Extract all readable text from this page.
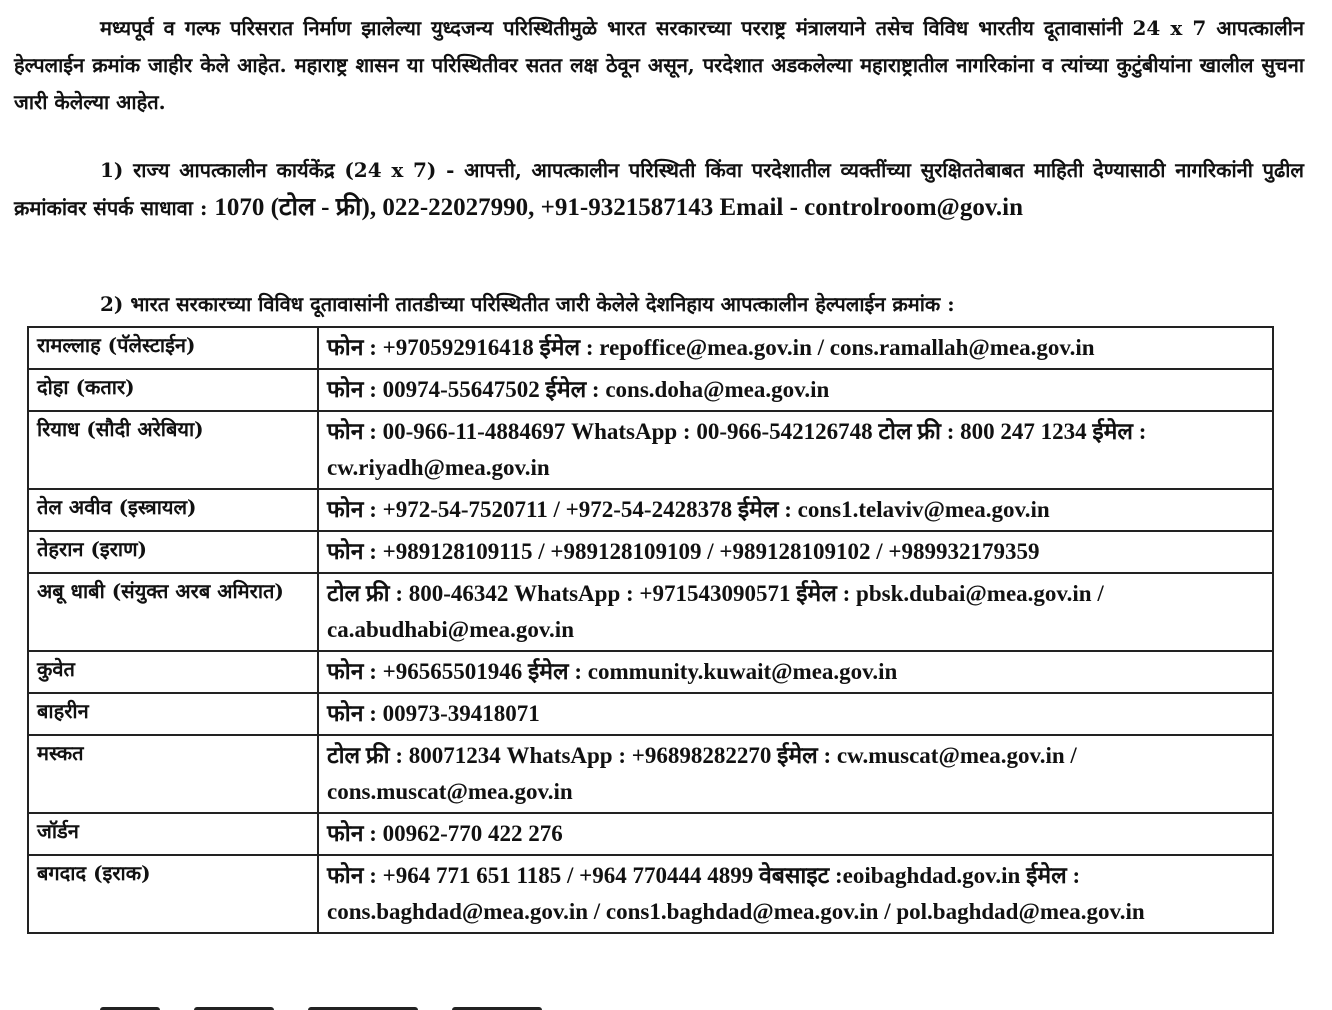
मध्यपूर्व व गल्फ परिसरात निर्माण झालेल्या युध्दजन्य परिस्थितीमुळे भारत सरकारच्या परराष्ट्र मंत्रालयाने तसेच विविध भारतीय दूतावासांनी 24 x 7 आपत्कालीन हेल्पलाईन क्रमांक जाहीर केले आहेत. महाराष्ट्र शासन या परिस्थितीवर सतत लक्ष ठेवून असून, परदेशात अडकलेल्या महाराष्ट्रातील नागरिकांना व त्यांच्या कुटुंबीयांना खालील सुचना जारी केलेल्या आहेत.
1) राज्य आपत्कालीन कार्यकेंद्र (24 x 7) - आपत्ती, आपत्कालीन परिस्थिती किंवा परदेशातील व्यक्तींच्या सुरक्षिततेबाबत माहिती देण्यासाठी नागरिकांनी पुढील क्रमांकांवर संपर्क साधावा : 1070 (टोल - फ्री), 022-22027990, +91-9321587143 Email - controlroom@gov.in
2) भारत सरकारच्या विविध दूतावासांनी तातडीच्या परिस्थितीत जारी केलेले देशनिहाय आपत्कालीन हेल्पलाईन क्रमांक :
रामल्लाह (पॅलेस्टाईन)	फोन : +970592916418 ईमेल : repoffice@mea.gov.in / cons.ramallah@mea.gov.in
दोहा (कतार)	फोन : 00974-55647502 ईमेल : cons.doha@mea.gov.in
रियाध (सौदी अरेबिया)	फोन : 00-966-11-4884697 WhatsApp : 00-966-542126748 टोल फ्री : 800 247 1234 ईमेल : cw.riyadh@mea.gov.in
तेल अवीव (इस्त्रायल)	फोन : +972-54-7520711 / +972-54-2428378 ईमेल : cons1.telaviv@mea.gov.in
तेहरान (इराण)	फोन : +989128109115 / +989128109109 / +989128109102 / +989932179359
अबू धाबी (संयुक्त अरब अमिरात)	टोल फ्री : 800-46342 WhatsApp : +971543090571 ईमेल : pbsk.dubai@mea.gov.in / ca.abudhabi@mea.gov.in
कुवेत	फोन : +96565501946 ईमेल : community.kuwait@mea.gov.in
बाहरीन	फोन : 00973-39418071
मस्कत	टोल फ्री : 80071234 WhatsApp : +96898282270 ईमेल : cw.muscat@mea.gov.in / cons.muscat@mea.gov.in
जॉर्डन	फोन : 00962-770 422 276
बगदाद (इराक)	फोन : +964 771 651 1185 / +964 770444 4899 वेबसाइट :eoibaghdad.gov.in ईमेल : cons.baghdad@mea.gov.in / cons1.baghdad@mea.gov.in / pol.baghdad@mea.gov.in
